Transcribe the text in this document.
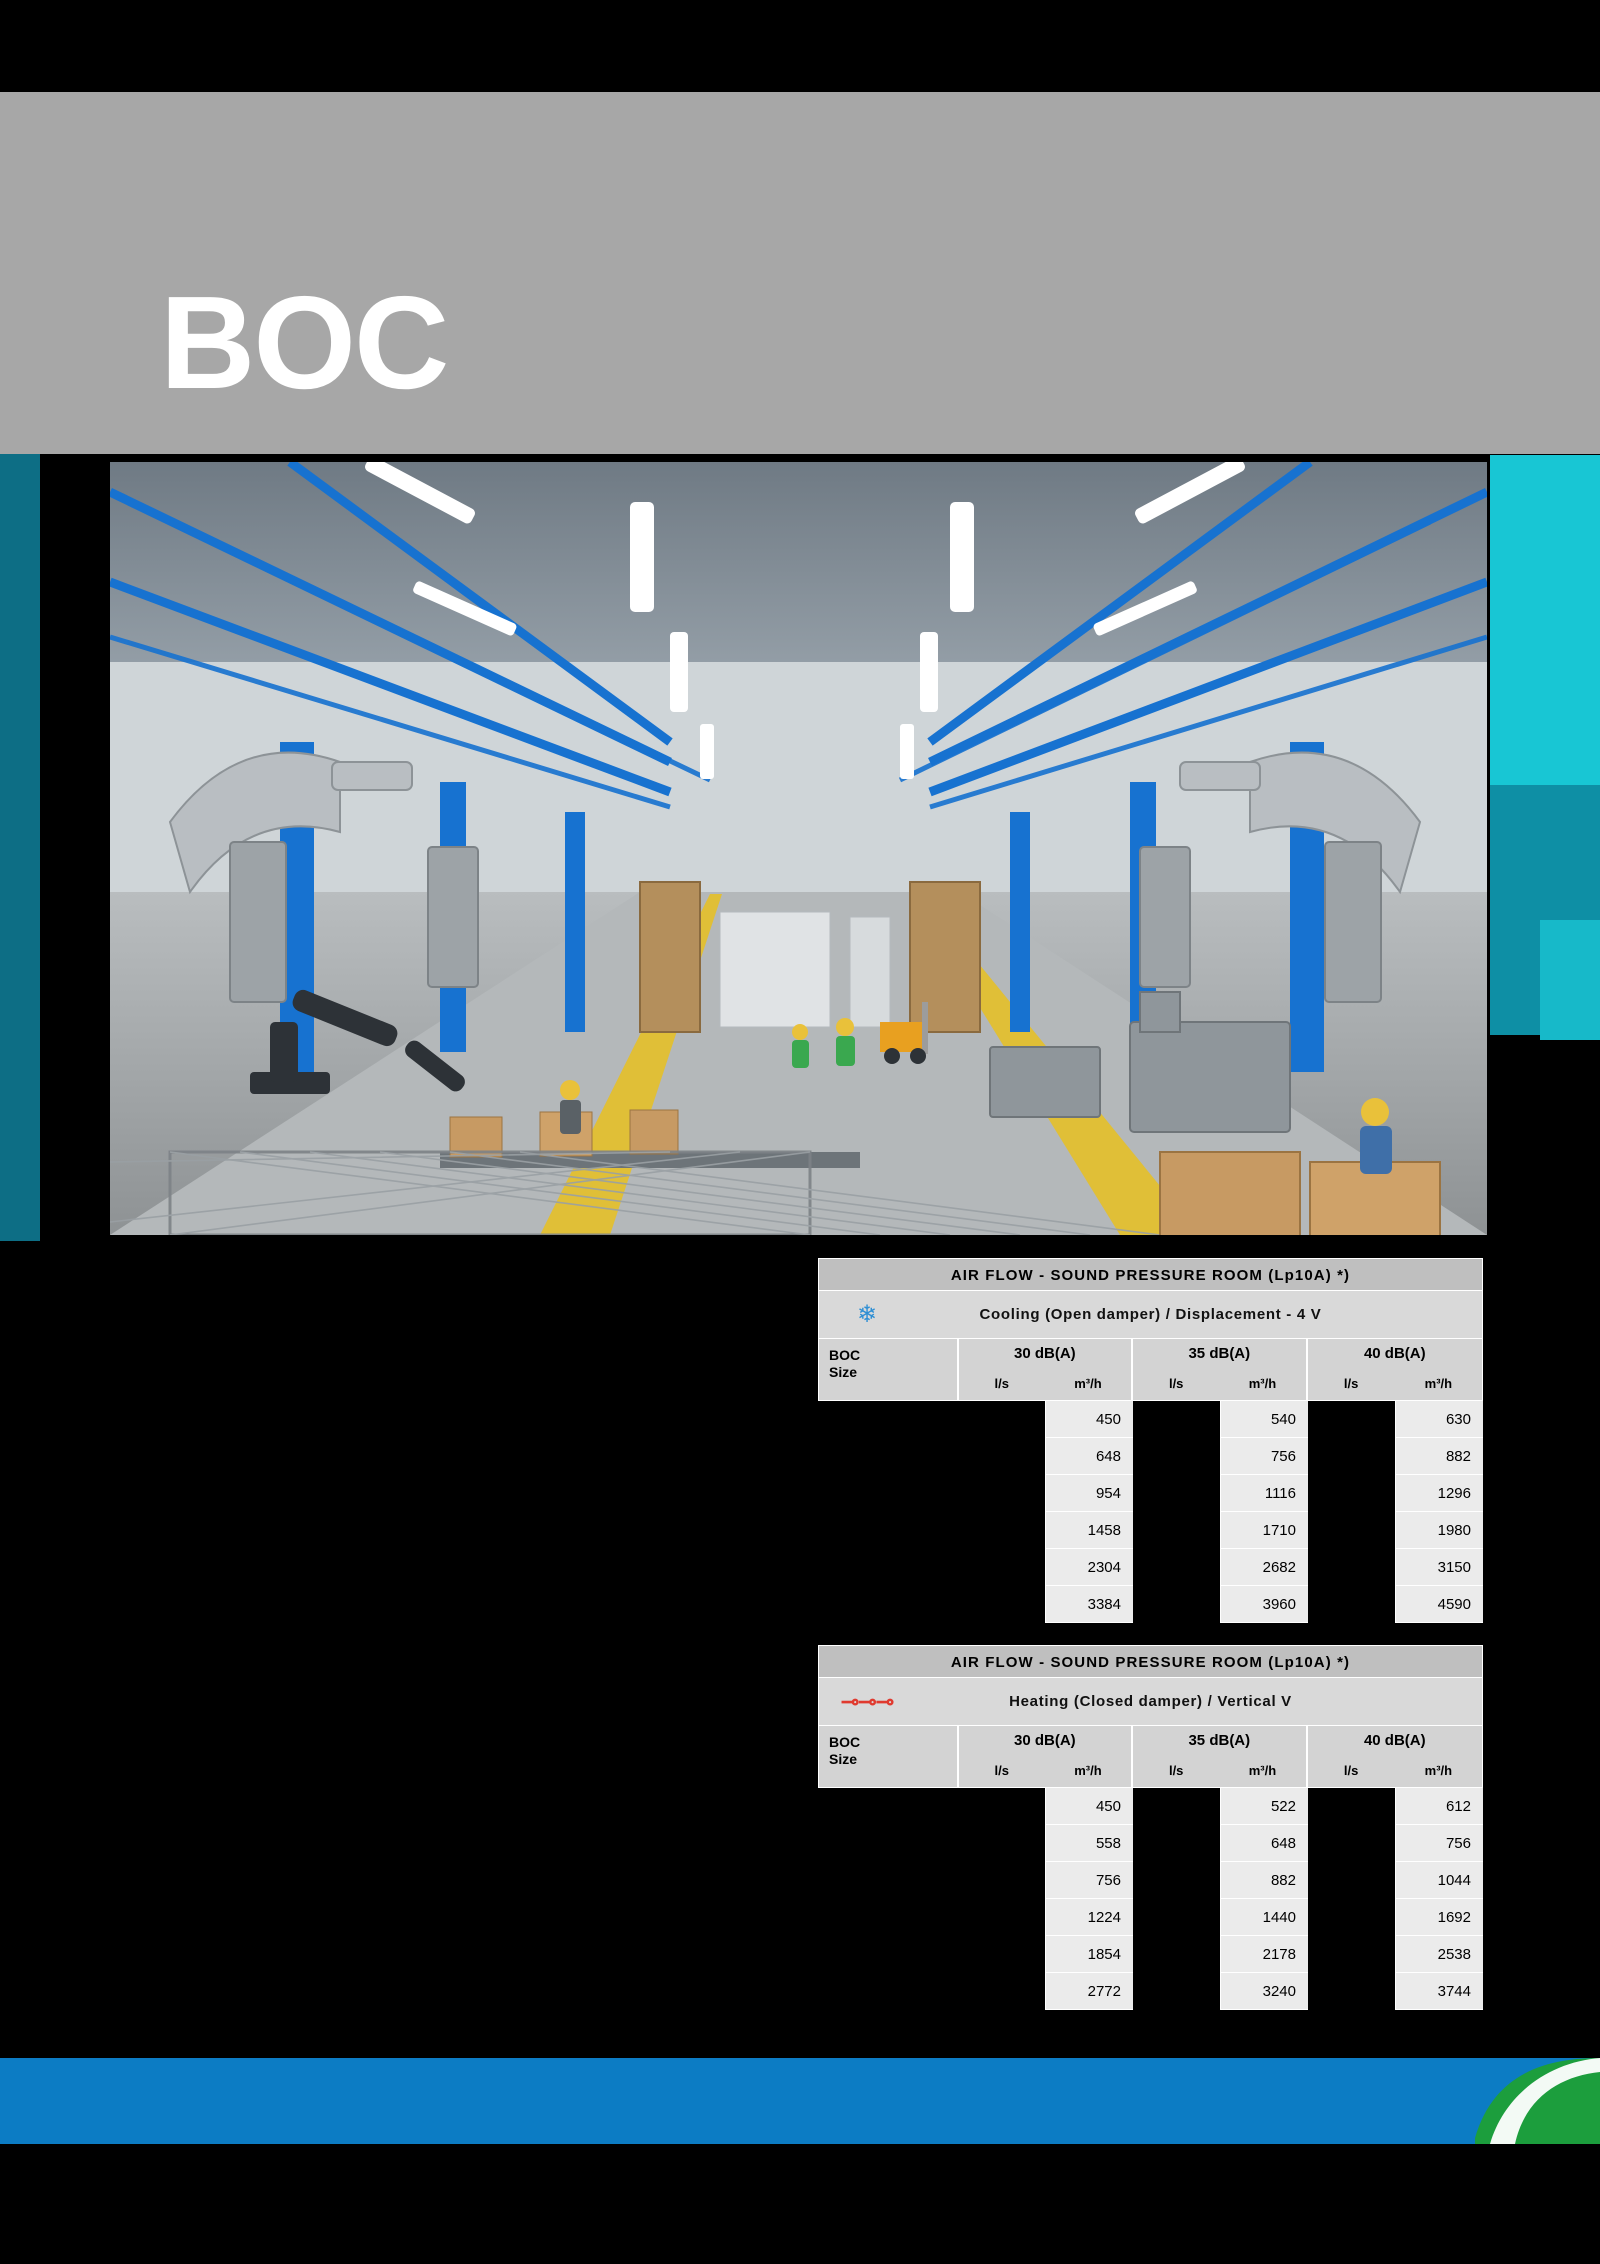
BOC
AIR FLOW - SOUND PRESSURE ROOM (Lp10A) *)
❄	Cooling (Open damper) / Displacement - 4 V
BOC
Size
30 dB(A)
l/s	m³/h
35 dB(A)
l/s	m³/h
40 dB(A)
l/s	m³/h
450	540	630
648	756	882
954	1116	1296
1458	1710	1980
2304	2682	3150
3384	3960	4590
AIR FLOW - SOUND PRESSURE ROOM (Lp10A) *)
⊸⊸⊸	Heating (Closed damper) / Vertical V
BOC
Size
30 dB(A)
l/s	m³/h
35 dB(A)
l/s	m³/h
40 dB(A)
l/s	m³/h
450	522	612
558	648	756
756	882	1044
1224	1440	1692
1854	2178	2538
2772	3240	3744
